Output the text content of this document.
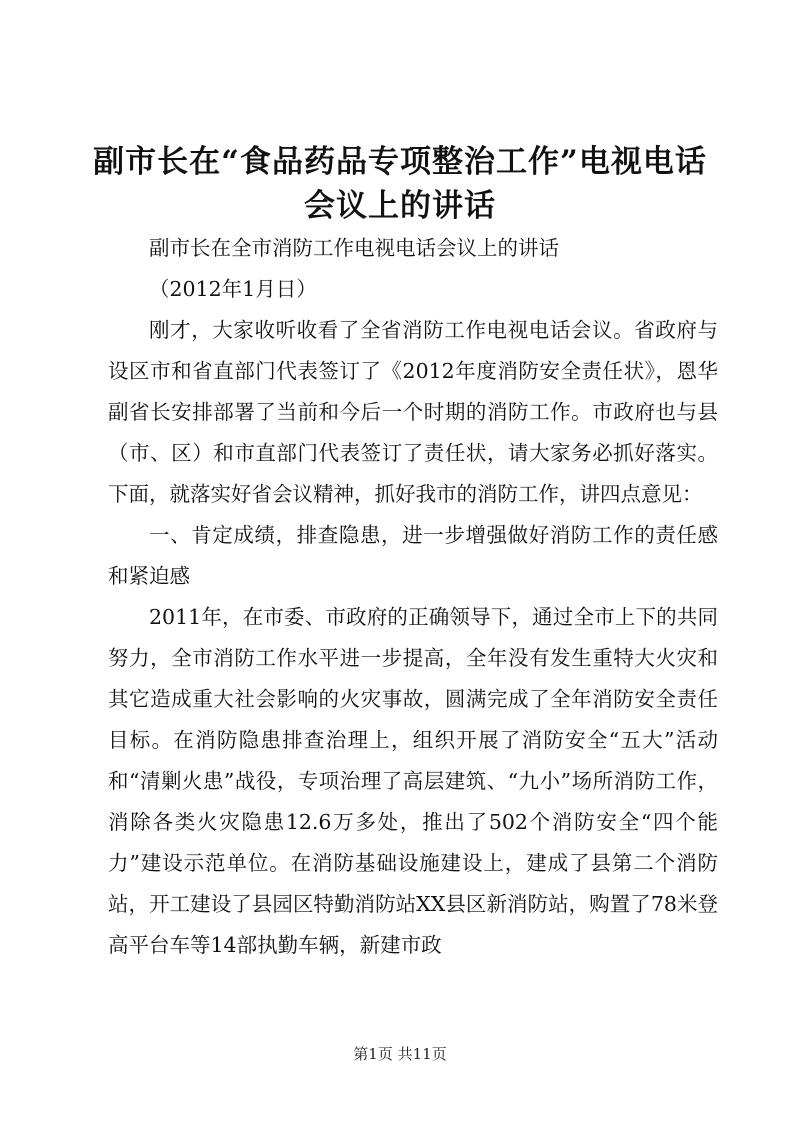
副市长在“食品药品专项整治工作”电视电话
会议上的讲话

副市长在全市消防工作电视电话会议上的讲话

（2012年1月日）

刚才，大家收听收看了全省消防工作电视电话会议。省政府与设区市和省直部门代表签订了《2012年度消防安全责任状》，恩华副省长安排部署了当前和今后一个时期的消防工作。市政府也与县（市、区）和市直部门代表签订了责任状，请大家务必抓好落实。下面，就落实好省会议精神，抓好我市的消防工作，讲四点意见：

一、肯定成绩，排查隐患，进一步增强做好消防工作的责任感和紧迫感

2011年，在市委、市政府的正确领导下，通过全市上下的共同努力，全市消防工作水平进一步提高，全年没有发生重特大火灾和其它造成重大社会影响的火灾事故，圆满完成了全年消防安全责任目标。在消防隐患排查治理上，组织开展了消防安全“五大”活动和“清剿火患”战役，专项治理了高层建筑、“九小”场所消防工作，消除各类火灾隐患12.6万多处，推出了502个消防安全“四个能力”建设示范单位。在消防基础设施建设上，建成了县第二个消防站，开工建设了县园区特勤消防站XX县区新消防站，购置了78米登高平台车等14部执勤车辆，新建市政

第1页 共11页
